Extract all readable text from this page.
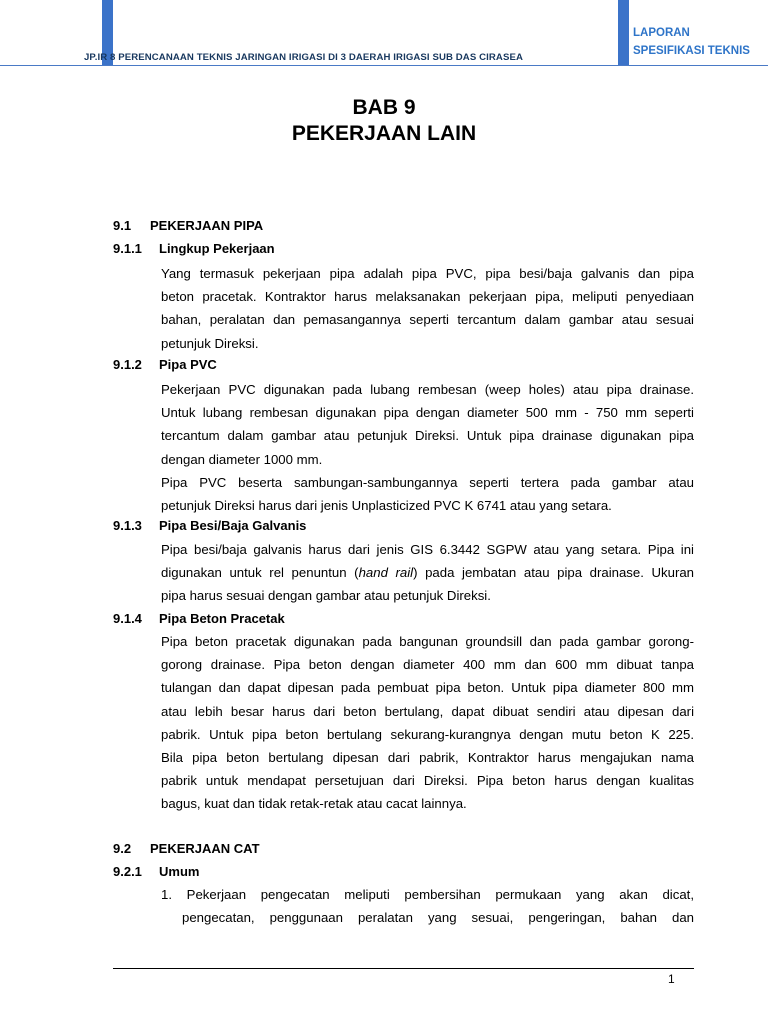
JP.IR 8 PERENCANAAN TEKNIS JARINGAN IRIGASI DI 3 DAERAH IRIGASI SUB DAS CIRASEA
LAPORAN
SPESIFIKASI TEKNIS
BAB 9
PEKERJAAN LAIN
9.1 PEKERJAAN PIPA
9.1.1 Lingkup Pekerjaan
Yang termasuk pekerjaan pipa adalah pipa PVC, pipa besi/baja galvanis dan pipa
beton pracetak. Kontraktor harus melaksanakan pekerjaan pipa, meliputi penyediaan
bahan, peralatan dan pemasangannya seperti tercantum dalam gambar atau sesuai
petunjuk Direksi.
9.1.2 Pipa PVC
Pekerjaan PVC digunakan pada lubang rembesan (weep holes) atau pipa drainase.
Untuk lubang rembesan digunakan pipa dengan diameter 500 mm - 750 mm seperti
tercantum dalam gambar atau petunjuk Direksi. Untuk pipa drainase digunakan pipa
dengan diameter 1000 mm.
Pipa PVC beserta sambungan-sambungannya seperti tertera pada gambar atau
petunjuk Direksi harus dari jenis Unplasticized PVC K 6741 atau yang setara.
9.1.3 Pipa Besi/Baja Galvanis
Pipa besi/baja galvanis harus dari jenis GIS 6.3442 SGPW atau yang setara. Pipa ini
digunakan untuk rel penuntun (hand rail) pada jembatan atau pipa drainase. Ukuran
pipa harus sesuai dengan gambar atau petunjuk Direksi.
9.1.4 Pipa Beton Pracetak
Pipa beton pracetak digunakan pada bangunan groundsill dan pada gambar gorong-
gorong drainase. Pipa beton dengan diameter 400 mm dan 600 mm dibuat tanpa
tulangan dan dapat dipesan pada pembuat pipa beton. Untuk pipa diameter 800 mm
atau lebih besar harus dari beton bertulang, dapat dibuat sendiri atau dipesan dari
pabrik. Untuk pipa beton bertulang sekurang-kurangnya dengan mutu beton K 225.
Bila pipa beton bertulang dipesan dari pabrik, Kontraktor harus mengajukan nama
pabrik untuk mendapat persetujuan dari Direksi. Pipa beton harus dengan kualitas
bagus, kuat dan tidak retak-retak atau cacat lainnya.
9.2 PEKERJAAN CAT
9.2.1 Umum
1. Pekerjaan pengecatan meliputi pembersihan permukaan yang akan dicat,
pengecatan, penggunaan peralatan yang sesuai, pengeringan, bahan dan
1
